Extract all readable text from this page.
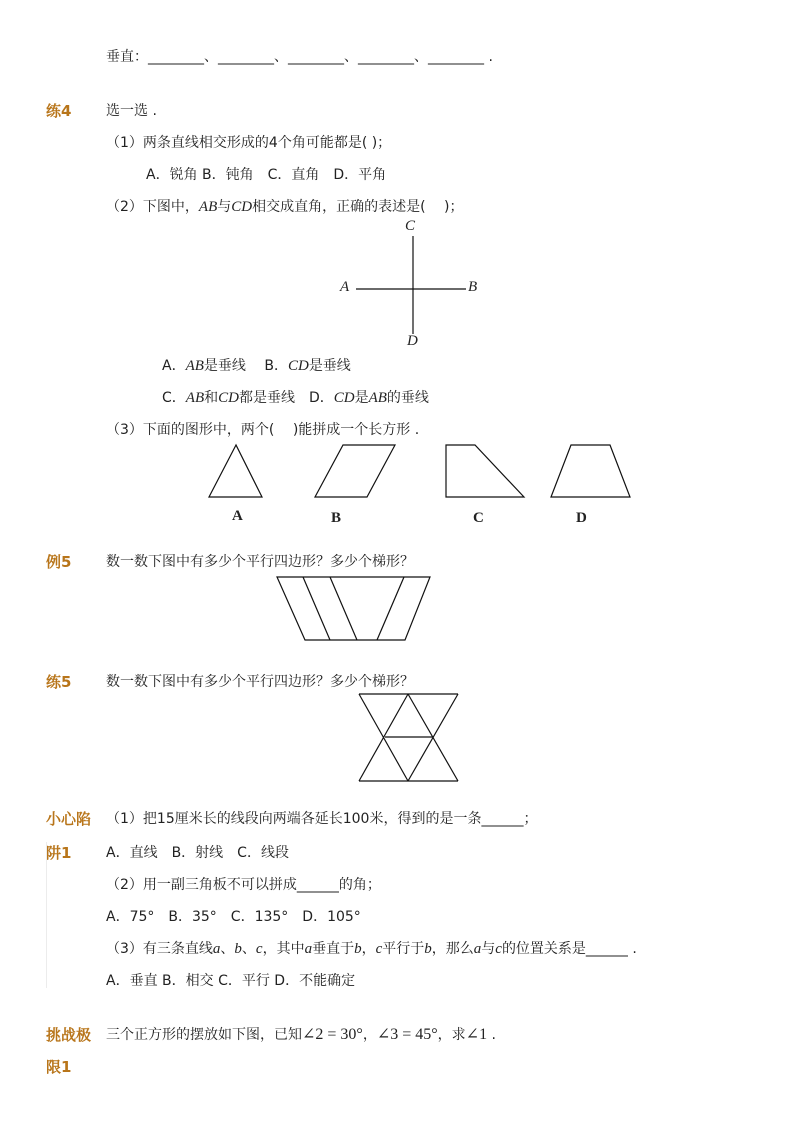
垂直：________、________、________、________、________ .
练4 选一选 .
（1）两条直线相交形成的4个角可能都是( )；
A．锐角 B．钝角　C．直角　D．平角
（2）下图中，AB与CD相交成直角，正确的表述是(　 )；
C
A	B
D
A．AB是垂线　 B．CD是垂线
C．AB和CD都是垂线　D．CD是AB的垂线
（3）下面的图形中，两个(　 )能拼成一个长方形 .
A	B	C	D
例5 数一数下图中有多少个平行四边形？多少个梯形？
练5 数一数下图中有多少个平行四边形？多少个梯形？
小心陷
阱1
（1）把15厘米长的线段向两端各延长100米，得到的是一条______；
A．直线　B．射线　C．线段
（2）用一副三角板不可以拼成______的角；
A．75°　B．35°　C．135°　D．105°
（3）有三条直线a、b、c，其中a垂直于b，c平行于b，那么a与c的位置关系是______ .
A．垂直 B．相交 C．平行 D．不能确定
挑战极
限1
三个正方形的摆放如下图，已知∠2 = 30°，∠3 = 45°，求∠1 .
